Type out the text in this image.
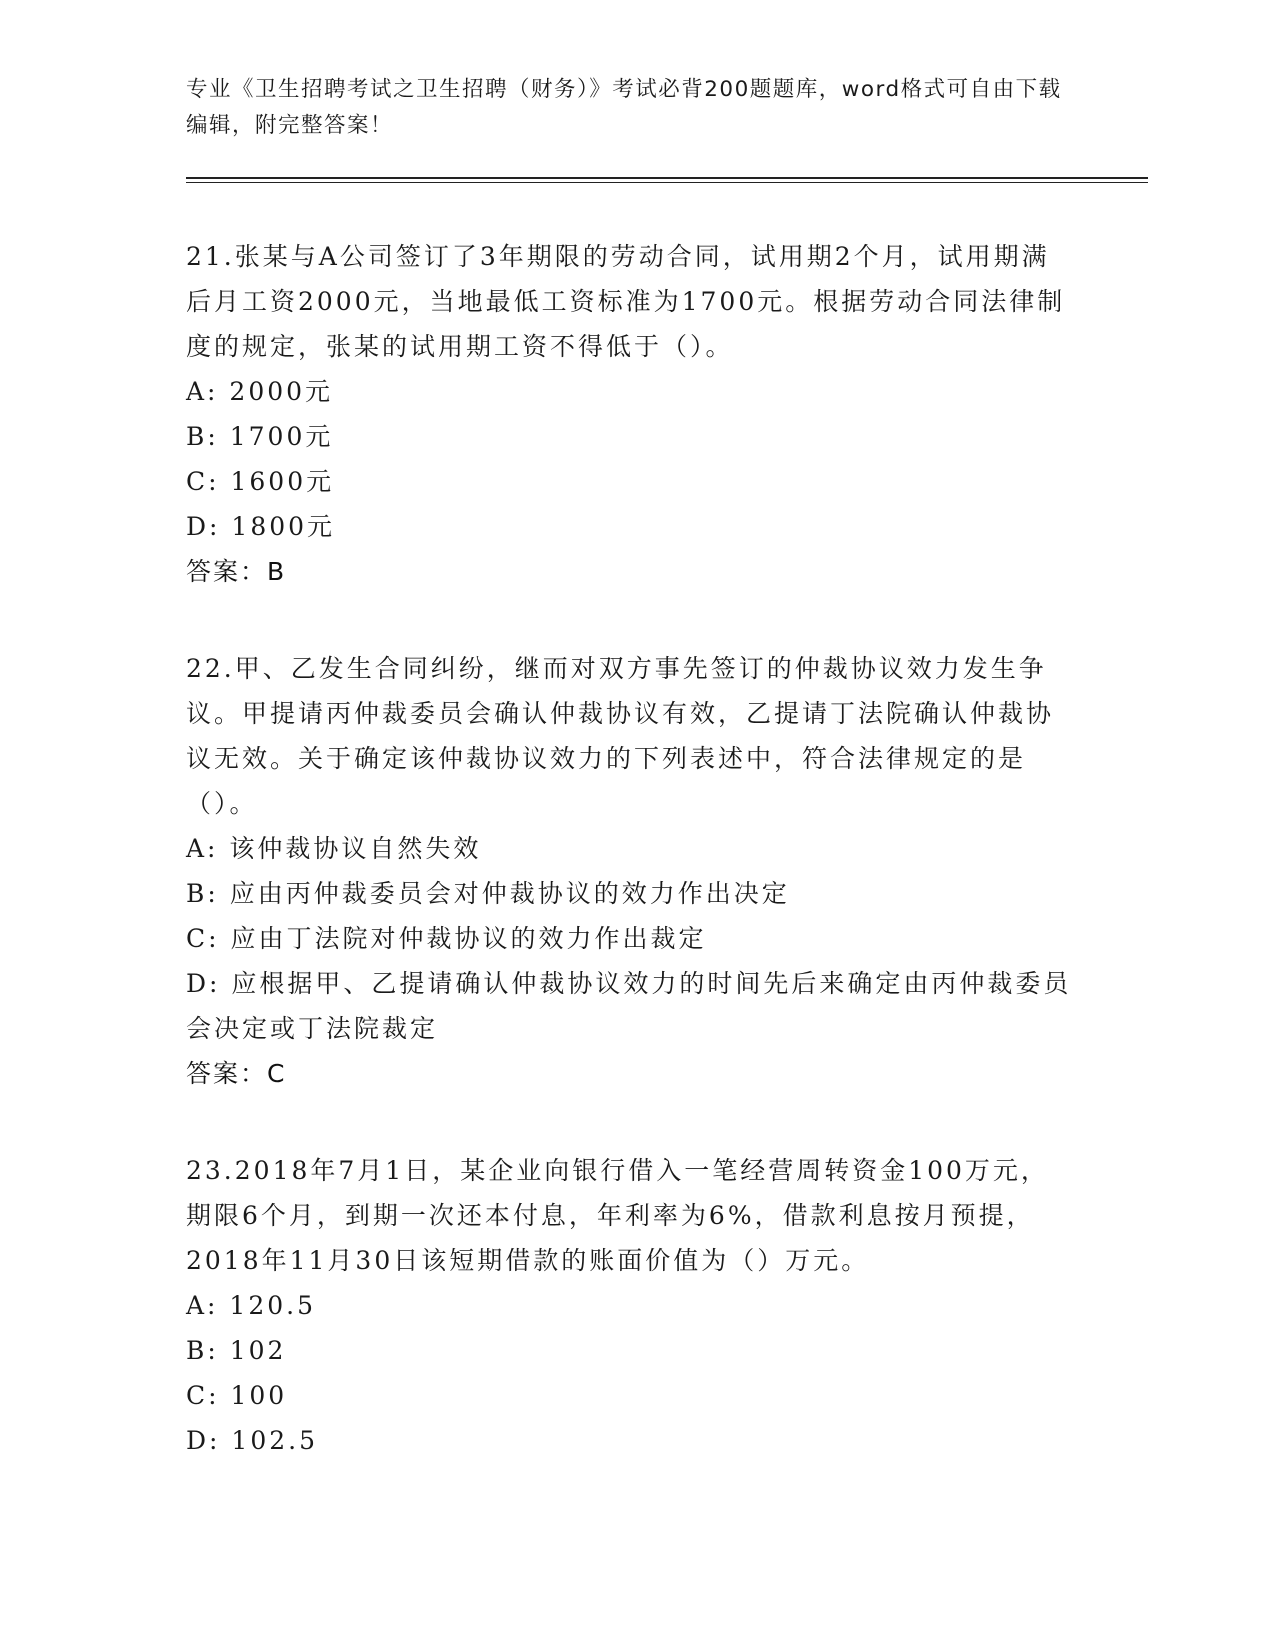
专业《卫生招聘考试之卫生招聘（财务）》考试必背200题题库，word格式可自由下载编辑，附完整答案！
21.张某与A公司签订了3年期限的劳动合同，试用期2个月，试用期满后月工资2000元，当地最低工资标准为1700元。根据劳动合同法律制度的规定，张某的试用期工资不得低于（）。
A: 2000元
B: 1700元
C: 1600元
D: 1800元
答案：B
22.甲、乙发生合同纠纷，继而对双方事先签订的仲裁协议效力发生争议。甲提请丙仲裁委员会确认仲裁协议有效，乙提请丁法院确认仲裁协议无效。关于确定该仲裁协议效力的下列表述中，符合法律规定的是（）。
A: 该仲裁协议自然失效
B: 应由丙仲裁委员会对仲裁协议的效力作出决定
C: 应由丁法院对仲裁协议的效力作出裁定
D: 应根据甲、乙提请确认仲裁协议效力的时间先后来确定由丙仲裁委员会决定或丁法院裁定
答案：C
23.2018年7月1日，某企业向银行借入一笔经营周转资金100万元，期限6个月，到期一次还本付息，年利率为6%，借款利息按月预提，2018年11月30日该短期借款的账面价值为（）万元。
A: 120.5
B: 102
C: 100
D: 102.5
